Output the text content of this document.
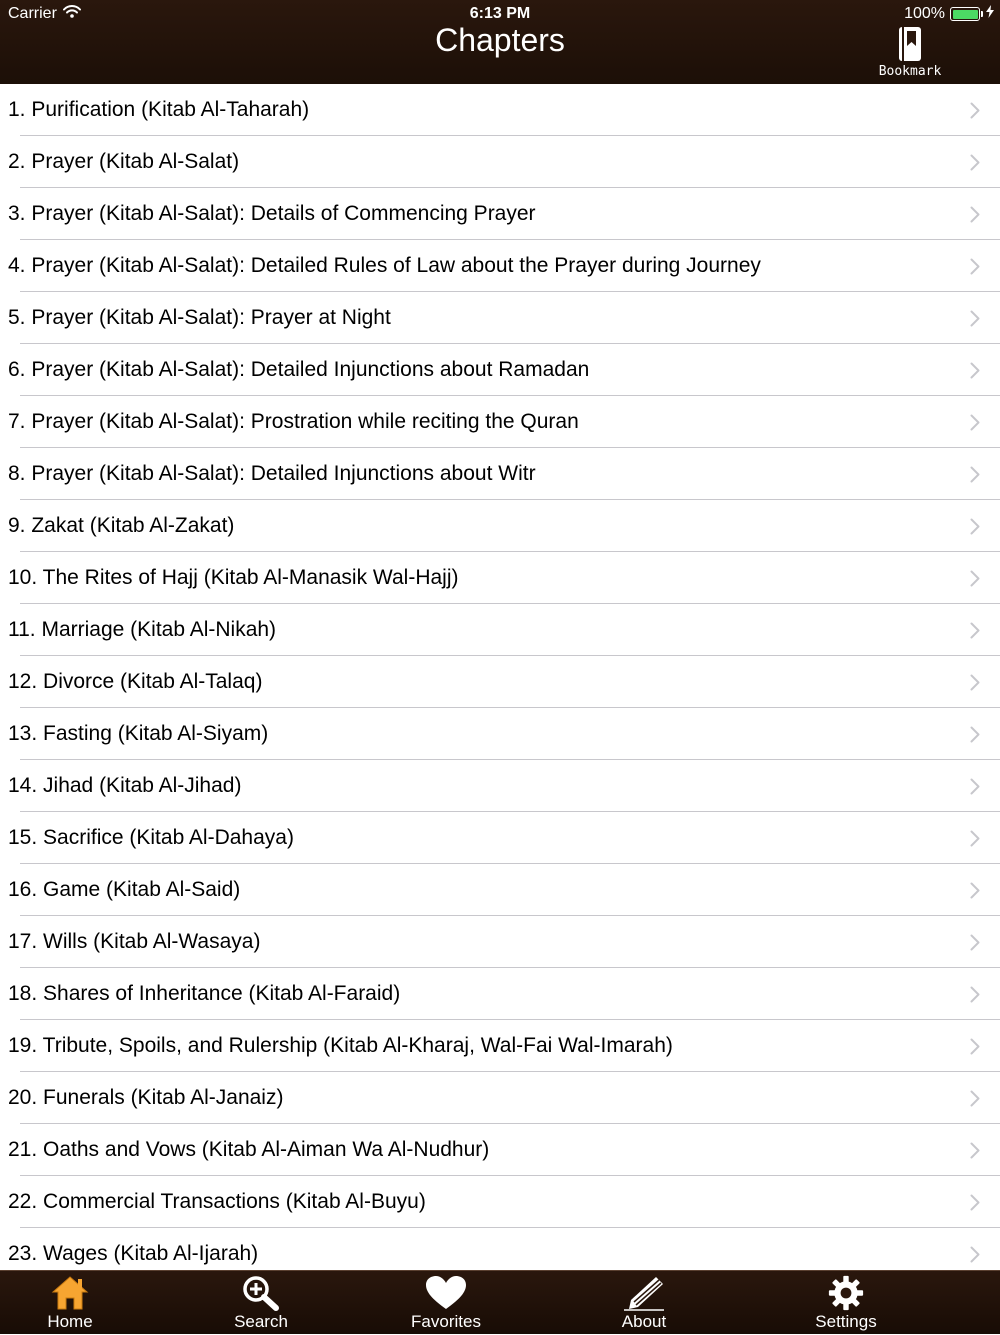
Carrier	6:13 PM	100%
Chapters
Bookmark
1. Purification (Kitab Al-Taharah)
2. Prayer (Kitab Al-Salat)
3. Prayer (Kitab Al-Salat): Details of Commencing Prayer
4. Prayer (Kitab Al-Salat): Detailed Rules of Law about the Prayer during Journey
5. Prayer (Kitab Al-Salat): Prayer at Night
6. Prayer (Kitab Al-Salat): Detailed Injunctions about Ramadan
7. Prayer (Kitab Al-Salat): Prostration while reciting the Quran
8. Prayer (Kitab Al-Salat): Detailed Injunctions about Witr
9. Zakat (Kitab Al-Zakat)
10. The Rites of Hajj (Kitab Al-Manasik Wal-Hajj)
11. Marriage (Kitab Al-Nikah)
12. Divorce (Kitab Al-Talaq)
13. Fasting (Kitab Al-Siyam)
14. Jihad (Kitab Al-Jihad)
15. Sacrifice (Kitab Al-Dahaya)
16. Game (Kitab Al-Said)
17. Wills (Kitab Al-Wasaya)
18. Shares of Inheritance (Kitab Al-Faraid)
19. Tribute, Spoils, and Rulership (Kitab Al-Kharaj, Wal-Fai Wal-Imarah)
20. Funerals (Kitab Al-Janaiz)
21. Oaths and Vows (Kitab Al-Aiman Wa Al-Nudhur)
22. Commercial Transactions (Kitab Al-Buyu)
23. Wages (Kitab Al-Ijarah)
Home	Search	Favorites	About	Settings
